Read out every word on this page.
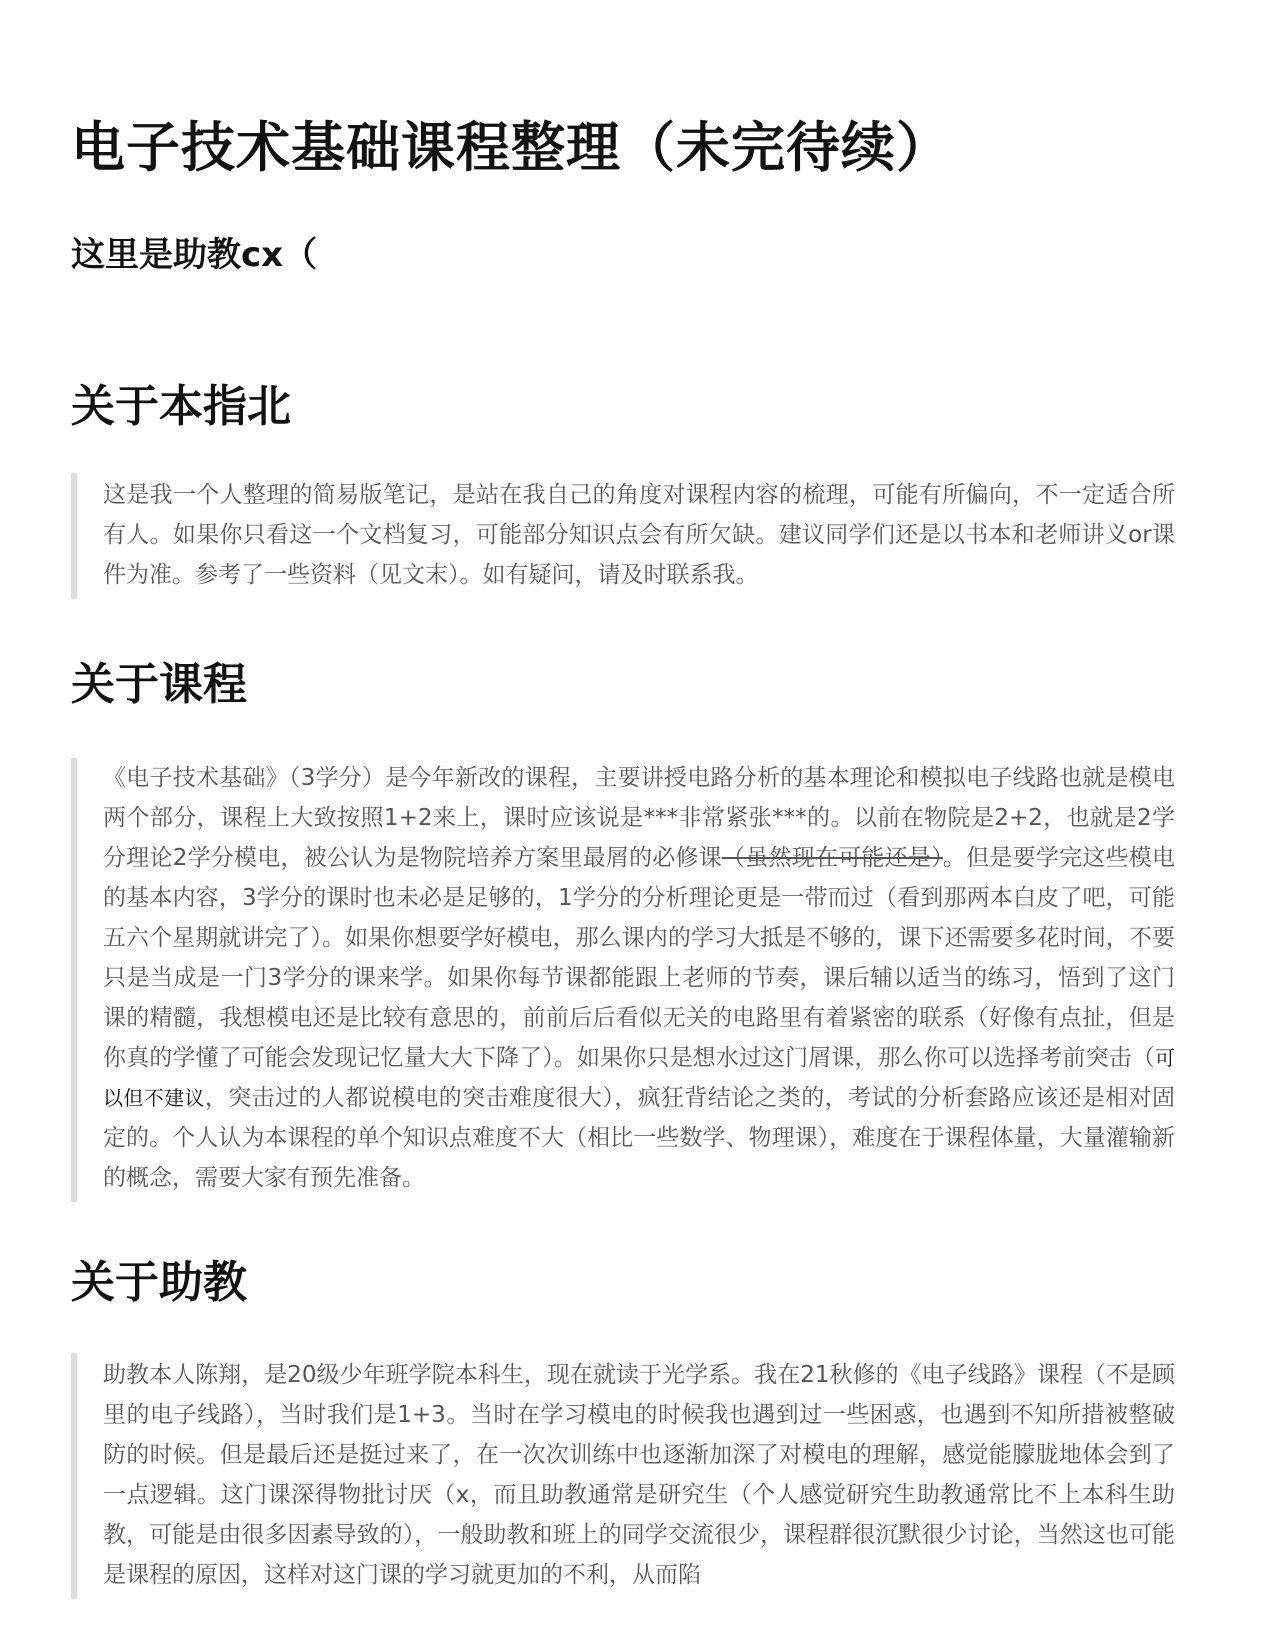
电子技术基础课程整理（未完待续）
这里是助教cx（
关于本指北
这是我一个人整理的简易版笔记，是站在我自己的角度对课程内容的梳理，可能有所偏向，不一定适合所有人。如果你只看这一个文档复习，可能部分知识点会有所欠缺。建议同学们还是以书本和老师讲义or课件为准。参考了一些资料（见文末）。如有疑问，请及时联系我。
关于课程
《电子技术基础》（3学分）是今年新改的课程，主要讲授电路分析的基本理论和模拟电子线路也就是模电两个部分，课程上大致按照1+2来上，课时应该说是***非常紧张***的。以前在物院是2+2，也就是2学分理论2学分模电，被公认为是物院培养方案里最屑的必修课（虽然现在可能还是）。但是要学完这些模电的基本内容，3学分的课时也未必是足够的，1学分的分析理论更是一带而过（看到那两本白皮了吧，可能五六个星期就讲完了）。如果你想要学好模电，那么课内的学习大抵是不够的，课下还需要多花时间，不要只是当成是一门3学分的课来学。如果你每节课都能跟上老师的节奏，课后辅以适当的练习，悟到了这门课的精髓，我想模电还是比较有意思的，前前后后看似无关的电路里有着紧密的联系（好像有点扯，但是你真的学懂了可能会发现记忆量大大下降了）。如果你只是想水过这门屑课，那么你可以选择考前突击（可以但不建议，突击过的人都说模电的突击难度很大），疯狂背结论之类的，考试的分析套路应该还是相对固定的。个人认为本课程的单个知识点难度不大（相比一些数学、物理课），难度在于课程体量，大量灌输新的概念，需要大家有预先准备。
关于助教
助教本人陈翔，是20级少年班学院本科生，现在就读于光学系。我在21秋修的《电子线路》课程（不是顾里的电子线路），当时我们是1+3。当时在学习模电的时候我也遇到过一些困惑，也遇到不知所措被整破防的时候。但是最后还是挺过来了，在一次次训练中也逐渐加深了对模电的理解，感觉能朦胧地体会到了一点逻辑。这门课深得物批讨厌（x，而且助教通常是研究生（个人感觉研究生助教通常比不上本科生助教，可能是由很多因素导致的），一般助教和班上的同学交流很少，课程群很沉默很少讨论，当然这也可能是课程的原因，这样对这门课的学习就更加的不利，从而陷
